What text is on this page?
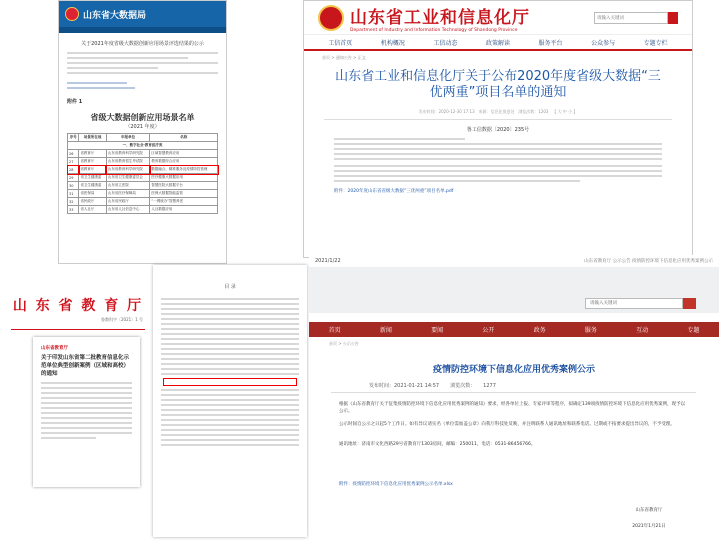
山东省大数据局
关于2021年度省级大数据创新应用场景评选结果的公示
附件 1
省级大数据创新应用场景名单
（2021 年度）
序号	场景所在地	申报单位	名称
一、数字社会·教育医疗类			
26	省教育厅	山东省教育科学研究院	区域智慧教育应用
27	省教育厅	山东省教育招生考试院	教育数据综合应用
28	省教育厅	山东省教育科学研究院	数据融合、精准服务及疫情防控管理
29	省卫生健康委	山东省卫生健康委员会	医疗健康大数据应用
30	省卫生健康委	山东省立医院	智慧医院大数据平台
31	省医保局	山东省医疗保障局	医保大数据智能监管
32	省民政厅	山东省民政厅	“一网统办”智慧养老
33	省人社厅	山东省人社信息中心	人社数据应用
山东省工业和信息化厅
Department of Industry and Information Technology of Shandong Province
请输入关键词
工信首页	机构概况	工信动态	政策解读	服务平台	公众参与	专题专栏
首页 > 通知公告 > 正文
山东省工业和信息化厅关于公布2020年度省级大数据“三优两重”项目名单的通知
发布时间：2020-12-30 17:13 来源：信息化推进处 浏览次数：1203 【 大 中 小 】
鲁工信数据〔2020〕235号
附件：2020年度山东省省级大数据“三优两重”项目名单.pdf
山 东 省 教 育 厅
鲁教科字〔2021〕1 号
山东省教育厅
关于印发山东省第二批教育信息化示范单位典型创新案例（区域和高校）的通知
目 录
2021/1/22	山东省教育厅 公示公告 疫情防控环境下信息化应用优秀案例公示
请输入关键词
首页	新闻	要闻	公开	政务	服务	互动	专题
首页 > 公示公告
疫情防控环境下信息化应用优秀案例公示
发布时间：2021-01-21 14:57 浏览次数： 1277
根据《山东省教育厅关于征集疫情防控环境下信息化应用优秀案例的通知》要求，经各单位上报、专家评审等程序，拟确定139项疫情防控环境下信息化应用优秀案例，现予以公示。
公示时间自公示之日起5个工作日。如有异议请实名（单位需加盖公章）向我厅科技处反映，并注明联系人通讯地址和联系电话。过期或不按要求提出异议的，不予受理。
通讯地址：济南市文化西路29号省教育厅1303房间，邮编：250011，电话：0531-86456766。
附件：疫情防控环境下信息化应用优秀案例公示名单.xlsx
山东省教育厅
2021年1月21日
